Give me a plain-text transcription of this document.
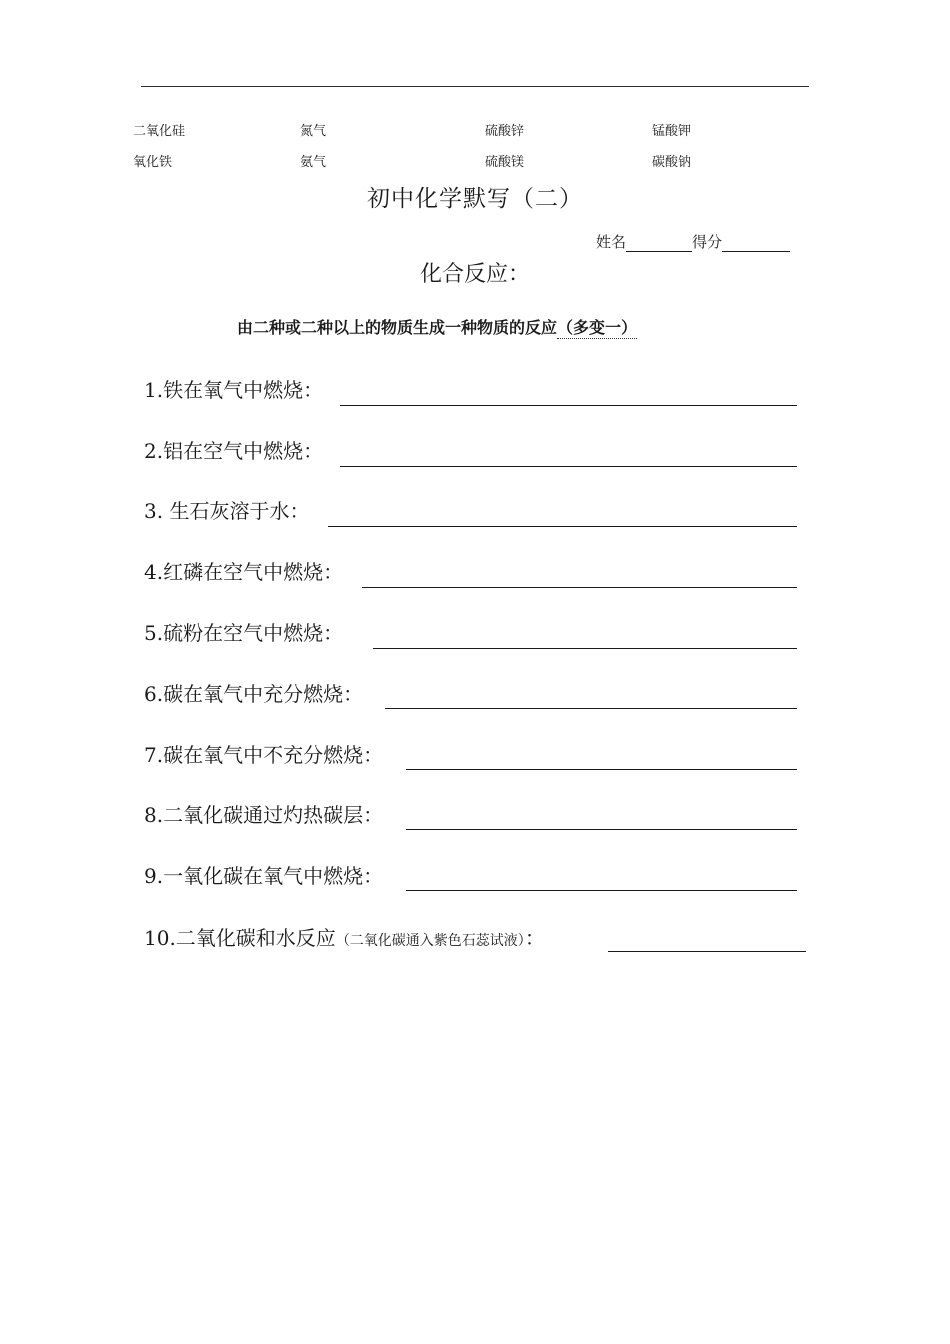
二氧化硅	氮气	硫酸锌	锰酸钾
氧化铁	氨气	硫酸镁	碳酸钠
初中化学默写（二）
姓名	得分
化合反应：
由二种或二种以上的物质生成一种物质的反应（多变一）
1.铁在氧气中燃烧：
2.铝在空气中燃烧：
3. 生石灰溶于水：
4.红磷在空气中燃烧：
5.硫粉在空气中燃烧：
6.碳在氧气中充分燃烧：
7.碳在氧气中不充分燃烧：
8.二氧化碳通过灼热碳层：
9.一氧化碳在氧气中燃烧：
10.二氧化碳和水反应（二氧化碳通入紫色石蕊试液）：
